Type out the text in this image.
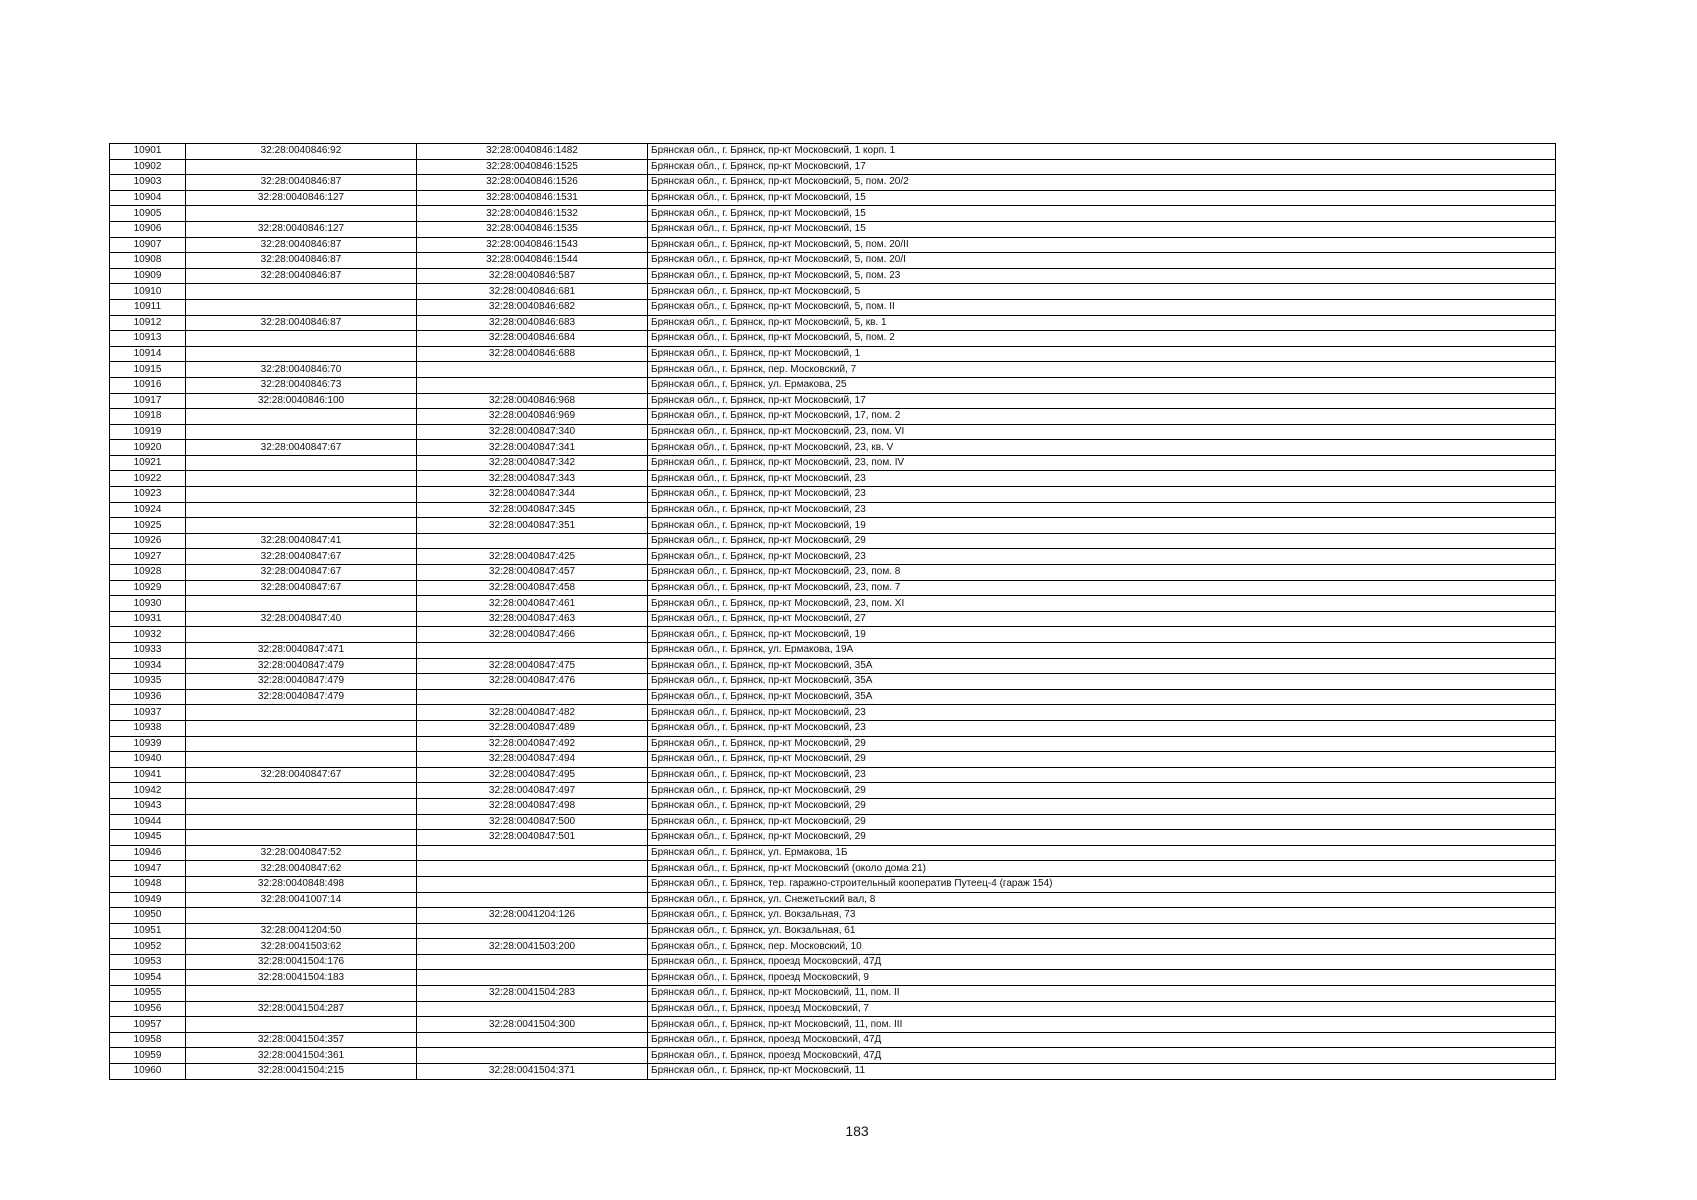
10901	32:28:0040846:92	32:28:0040846:1482	Брянская обл., г. Брянск, пр-кт Московский, 1 корп. 1
10902		32:28:0040846:1525	Брянская обл., г. Брянск, пр-кт Московский, 17
10903	32:28:0040846:87	32:28:0040846:1526	Брянская обл., г. Брянск, пр-кт Московский, 5, пом. 20/2
10904	32:28:0040846:127	32:28:0040846:1531	Брянская обл., г. Брянск, пр-кт Московский, 15
10905		32:28:0040846:1532	Брянская обл., г. Брянск, пр-кт Московский, 15
10906	32:28:0040846:127	32:28:0040846:1535	Брянская обл., г. Брянск, пр-кт Московский, 15
10907	32:28:0040846:87	32:28:0040846:1543	Брянская обл., г. Брянск, пр-кт Московский, 5, пом. 20/II
10908	32:28:0040846:87	32:28:0040846:1544	Брянская обл., г. Брянск, пр-кт Московский, 5, пом. 20/I
10909	32:28:0040846:87	32:28:0040846:587	Брянская обл., г. Брянск, пр-кт Московский, 5, пом. 23
10910		32:28:0040846:681	Брянская обл., г. Брянск, пр-кт Московский, 5
10911		32:28:0040846:682	Брянская обл., г. Брянск, пр-кт Московский, 5, пом. II
10912	32:28:0040846:87	32:28:0040846:683	Брянская обл., г. Брянск, пр-кт Московский, 5, кв. 1
10913		32:28:0040846:684	Брянская обл., г. Брянск, пр-кт Московский, 5, пом. 2
10914		32:28:0040846:688	Брянская обл., г. Брянск, пр-кт Московский, 1
10915	32:28:0040846:70		Брянская обл., г. Брянск, пер. Московский, 7
10916	32:28:0040846:73		Брянская обл., г. Брянск, ул. Ермакова, 25
10917	32:28:0040846:100	32:28:0040846:968	Брянская обл., г. Брянск, пр-кт Московский, 17
10918		32:28:0040846:969	Брянская обл., г. Брянск, пр-кт Московский, 17, пом. 2
10919		32:28:0040847:340	Брянская обл., г. Брянск, пр-кт Московский, 23, пом. VI
10920	32:28:0040847:67	32:28:0040847:341	Брянская обл., г. Брянск, пр-кт Московский, 23, кв. V
10921		32:28:0040847:342	Брянская обл., г. Брянск, пр-кт Московский, 23, пом. IV
10922		32:28:0040847:343	Брянская обл., г. Брянск, пр-кт Московский, 23
10923		32:28:0040847:344	Брянская обл., г. Брянск, пр-кт Московский, 23
10924		32:28:0040847:345	Брянская обл., г. Брянск, пр-кт Московский, 23
10925		32:28:0040847:351	Брянская обл., г. Брянск, пр-кт Московский, 19
10926	32:28:0040847:41		Брянская обл., г. Брянск, пр-кт Московский, 29
10927	32:28:0040847:67	32:28:0040847:425	Брянская обл., г. Брянск, пр-кт Московский, 23
10928	32:28:0040847:67	32:28:0040847:457	Брянская обл., г. Брянск, пр-кт Московский, 23, пом. 8
10929	32:28:0040847:67	32:28:0040847:458	Брянская обл., г. Брянск, пр-кт Московский, 23, пом. 7
10930		32:28:0040847:461	Брянская обл., г. Брянск, пр-кт Московский, 23, пом. XI
10931	32:28:0040847:40	32:28:0040847:463	Брянская обл., г. Брянск, пр-кт Московский, 27
10932		32:28:0040847:466	Брянская обл., г. Брянск, пр-кт Московский, 19
10933	32:28:0040847:471		Брянская обл., г. Брянск, ул. Ермакова, 19А
10934	32:28:0040847:479	32:28:0040847:475	Брянская обл., г. Брянск, пр-кт Московский, 35А
10935	32:28:0040847:479	32:28:0040847:476	Брянская обл., г. Брянск, пр-кт Московский, 35А
10936	32:28:0040847:479		Брянская обл., г. Брянск, пр-кт Московский, 35А
10937		32:28:0040847:482	Брянская обл., г. Брянск, пр-кт Московский, 23
10938		32:28:0040847:489	Брянская обл., г. Брянск, пр-кт Московский, 23
10939		32:28:0040847:492	Брянская обл., г. Брянск, пр-кт Московский, 29
10940		32:28:0040847:494	Брянская обл., г. Брянск, пр-кт Московский, 29
10941	32:28:0040847:67	32:28:0040847:495	Брянская обл., г. Брянск, пр-кт Московский, 23
10942		32:28:0040847:497	Брянская обл., г. Брянск, пр-кт Московский, 29
10943		32:28:0040847:498	Брянская обл., г. Брянск, пр-кт Московский, 29
10944		32:28:0040847:500	Брянская обл., г. Брянск, пр-кт Московский, 29
10945		32:28:0040847:501	Брянская обл., г. Брянск, пр-кт Московский, 29
10946	32:28:0040847:52		Брянская обл., г. Брянск, ул. Ермакова, 1Б
10947	32:28:0040847:62		Брянская обл., г. Брянск, пр-кт Московский (около дома 21)
10948	32:28:0040848:498		Брянская обл., г. Брянск, тер. гаражно-строительный кооператив Путеец-4 (гараж 154)
10949	32:28:0041007:14		Брянская обл., г. Брянск, ул. Снежетьский вал, 8
10950		32:28:0041204:126	Брянская обл., г. Брянск, ул. Вокзальная, 73
10951	32:28:0041204:50		Брянская обл., г. Брянск, ул. Вокзальная, 61
10952	32:28:0041503:62	32:28:0041503:200	Брянская обл., г. Брянск, пер. Московский, 10
10953	32:28:0041504:176		Брянская обл., г. Брянск, проезд Московский, 47Д
10954	32:28:0041504:183		Брянская обл., г. Брянск, проезд Московский, 9
10955		32:28:0041504:283	Брянская обл., г. Брянск, пр-кт Московский, 11, пом. II
10956	32:28:0041504:287		Брянская обл., г. Брянск, проезд Московский, 7
10957		32:28:0041504:300	Брянская обл., г. Брянск, пр-кт Московский, 11, пом. III
10958	32:28:0041504:357		Брянская обл., г. Брянск, проезд Московский, 47Д
10959	32:28:0041504:361		Брянская обл., г. Брянск, проезд Московский, 47Д
10960	32:28:0041504:215	32:28:0041504:371	Брянская обл., г. Брянск, пр-кт Московский, 11
183
